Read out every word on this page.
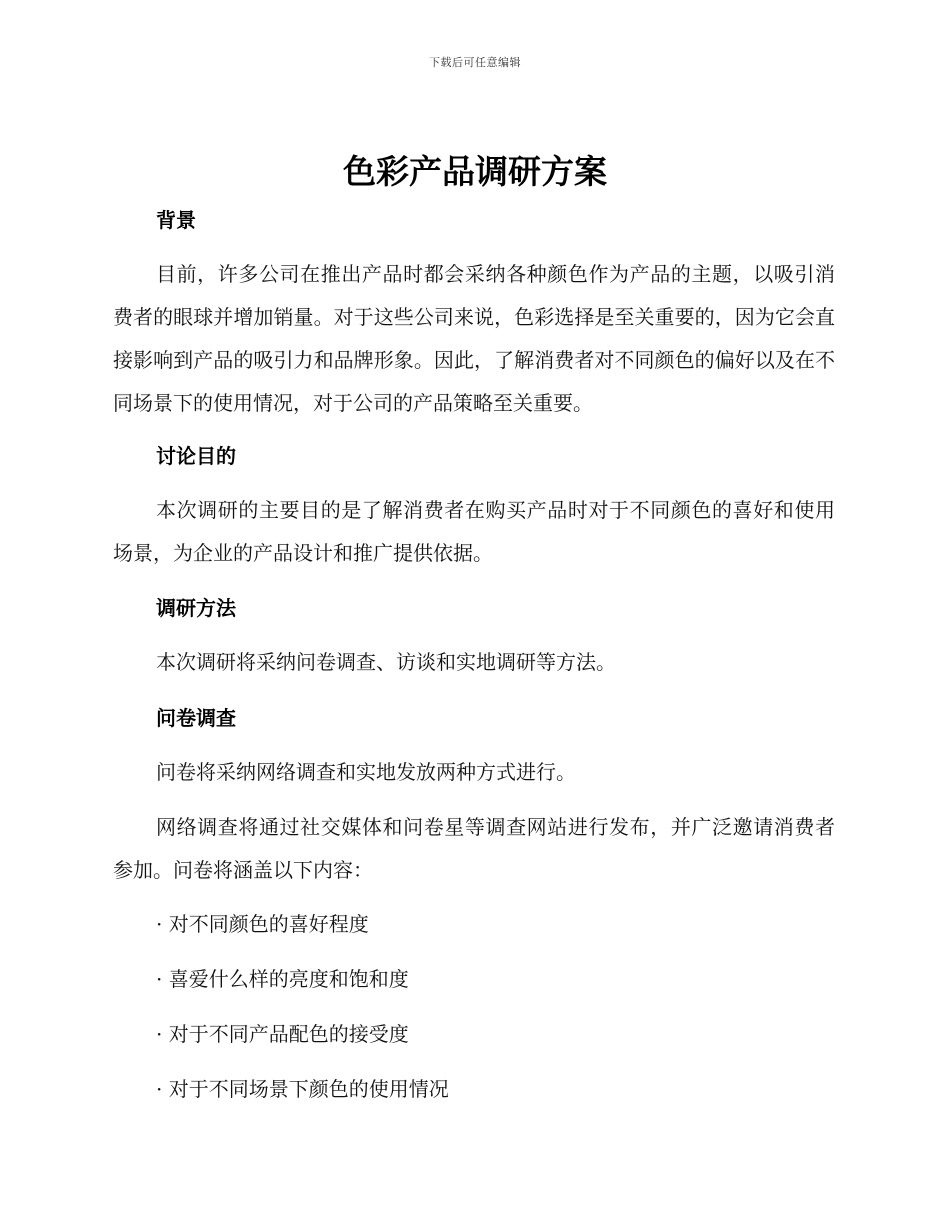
下载后可任意编辑
色彩产品调研方案
背景
目前，许多公司在推出产品时都会采纳各种颜色作为产品的主题，以吸引消费者的眼球并增加销量。对于这些公司来说，色彩选择是至关重要的，因为它会直接影响到产品的吸引力和品牌形象。因此，了解消费者对不同颜色的偏好以及在不同场景下的使用情况，对于公司的产品策略至关重要。
讨论目的
本次调研的主要目的是了解消费者在购买产品时对于不同颜色的喜好和使用场景，为企业的产品设计和推广提供依据。
调研方法
本次调研将采纳问卷调查、访谈和实地调研等方法。
问卷调查
问卷将采纳网络调查和实地发放两种方式进行。
网络调查将通过社交媒体和问卷星等调查网站进行发布，并广泛邀请消费者参加。问卷将涵盖以下内容：
· 对不同颜色的喜好程度
· 喜爱什么样的亮度和饱和度
· 对于不同产品配色的接受度
· 对于不同场景下颜色的使用情况
